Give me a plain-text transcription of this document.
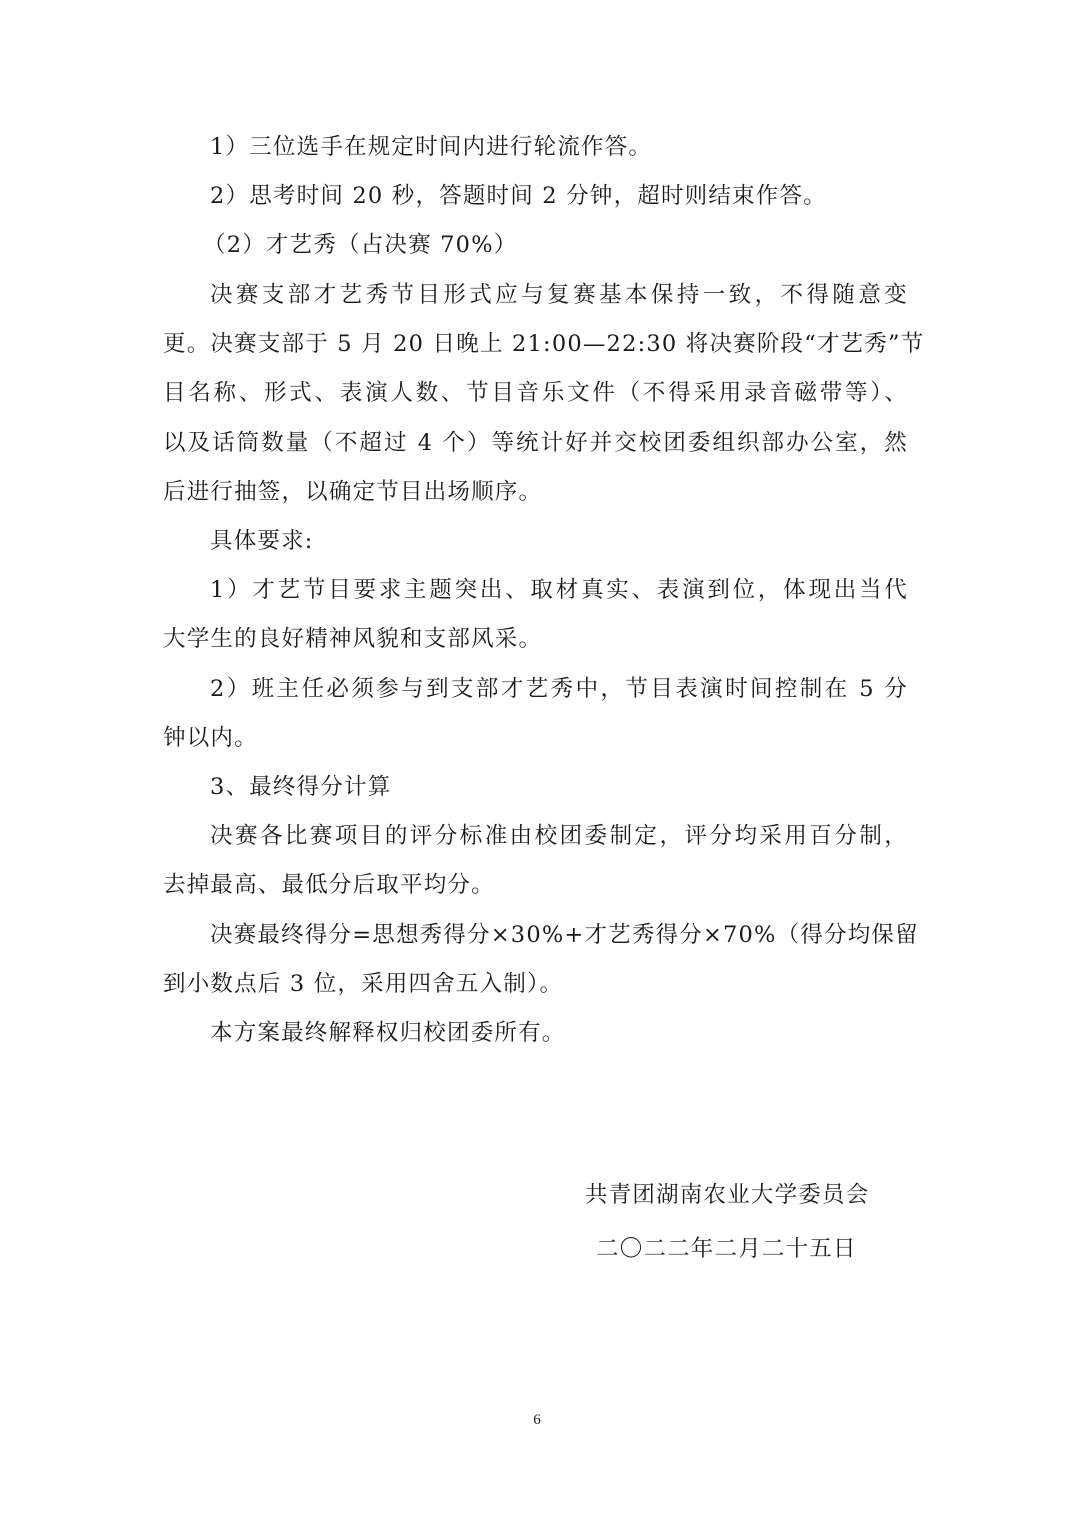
1）三位选手在规定时间内进行轮流作答。
2）思考时间 20 秒，答题时间 2 分钟，超时则结束作答。
（2）才艺秀（占决赛 70%）
决赛支部才艺秀节目形式应与复赛基本保持一致，不得随意变
更。决赛支部于 5 月 20 日晚上 21:00—22:30 将决赛阶段“才艺秀”节
目名称、形式、表演人数、节目音乐文件（不得采用录音磁带等）、
以及话筒数量（不超过 4 个）等统计好并交校团委组织部办公室，然
后进行抽签，以确定节目出场顺序。
具体要求:
1）才艺节目要求主题突出、取材真实、表演到位，体现出当代
大学生的良好精神风貌和支部风采。
2）班主任必须参与到支部才艺秀中，节目表演时间控制在 5 分
钟以内。
3、最终得分计算
决赛各比赛项目的评分标准由校团委制定，评分均采用百分制，
去掉最高、最低分后取平均分。
决赛最终得分=思想秀得分×30%+才艺秀得分×70%（得分均保留
到小数点后 3 位，采用四舍五入制）。
本方案最终解释权归校团委所有。
共青团湖南农业大学委员会
二〇二二年二月二十五日
6
